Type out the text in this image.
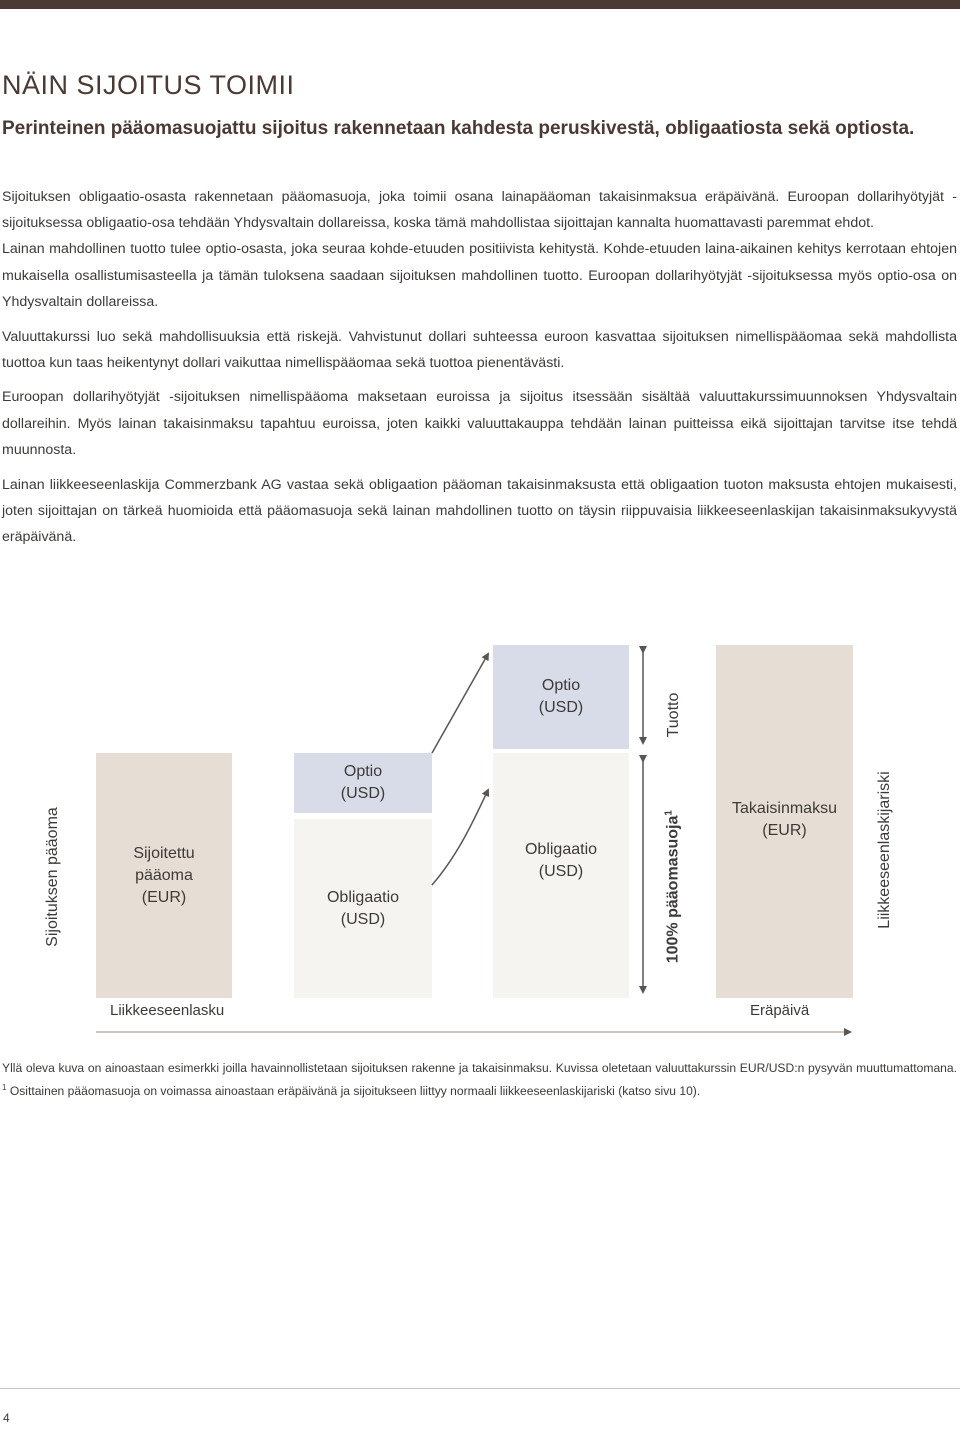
NÄIN SIJOITUS TOIMII
Perinteinen pääomasuojattu sijoitus rakennetaan kahdesta peruskivestä, obligaatiosta sekä optiosta.

Sijoituksen obligaatio-osasta rakennetaan pääomasuoja, joka toimii osana lainapääoman takaisinmaksua eräpäivänä. Euroopan dollarihyötyjät -sijoituksessa obligaatio-osa tehdään Yhdysvaltain dollareissa, koska tämä mahdollistaa sijoittajan kannalta huomattavasti paremmat ehdot.

Lainan mahdollinen tuotto tulee optio-osasta, joka seuraa kohde-etuuden positiivista kehitystä. Kohde-etuuden laina-aikainen kehitys kerrotaan ehtojen mukaisella osallistumisasteella ja tämän tuloksena saadaan sijoituksen mahdollinen tuotto. Euroopan dollarihyötyjät -sijoituksessa myös optio-osa on Yhdysvaltain dollareissa.

Valuuttakurssi luo sekä mahdollisuuksia että riskejä. Vahvistunut dollari suhteessa euroon kasvattaa sijoituksen nimellispääomaa sekä mahdollista tuottoa kun taas heikentynyt dollari vaikuttaa nimellispääomaa sekä tuottoa pienentävästi.

Euroopan dollarihyötyjät -sijoituksen nimellispääoma maksetaan euroissa ja sijoitus itsessään sisältää valuuttakurssimuunnoksen Yhdysvaltain dollareihin. Myös lainan takaisinmaksu tapahtuu euroissa, joten kaikki valuuttakauppa tehdään lainan puitteissa eikä sijoittajan tarvitse itse tehdä muunnosta.

Lainan liikkeeseenlaskija Commerzbank AG vastaa sekä obligaation pääoman takaisinmaksusta että obligaation tuoton maksusta ehtojen mukaisesti, joten sijoittajan on tärkeä huomioida että pääomasuoja sekä lainan mahdollinen tuotto on täysin riippuvaisia liikkeeseenlaskijan takaisinmaksukyvystä eräpäivänä.

Sijoitettu
pääoma
(EUR)
Optio
(USD)
Obligaatio
(USD)
Optio
(USD)
Obligaatio
(USD)
Takaisinmaksu
(EUR)
Sijoituksen pääoma
Tuotto
100% pääomasuoja$^1$	Liikkeeseenlaskijariski
Liikkeeseenlasku	Eräpäivä
Yllä oleva kuva on ainoastaan esimerkki joilla havainnollistetaan sijoituksen rakenne ja takaisinmaksu. Kuvissa oletetaan valuuttakurssin EUR/USD:n pysyvän muuttumattomana. $^1$ Osittainen pääomasuoja on voimassa ainoastaan eräpäivänä ja sijoitukseen liittyy normaali liikkeeseenlaskijariski (katso sivu 10).
4
